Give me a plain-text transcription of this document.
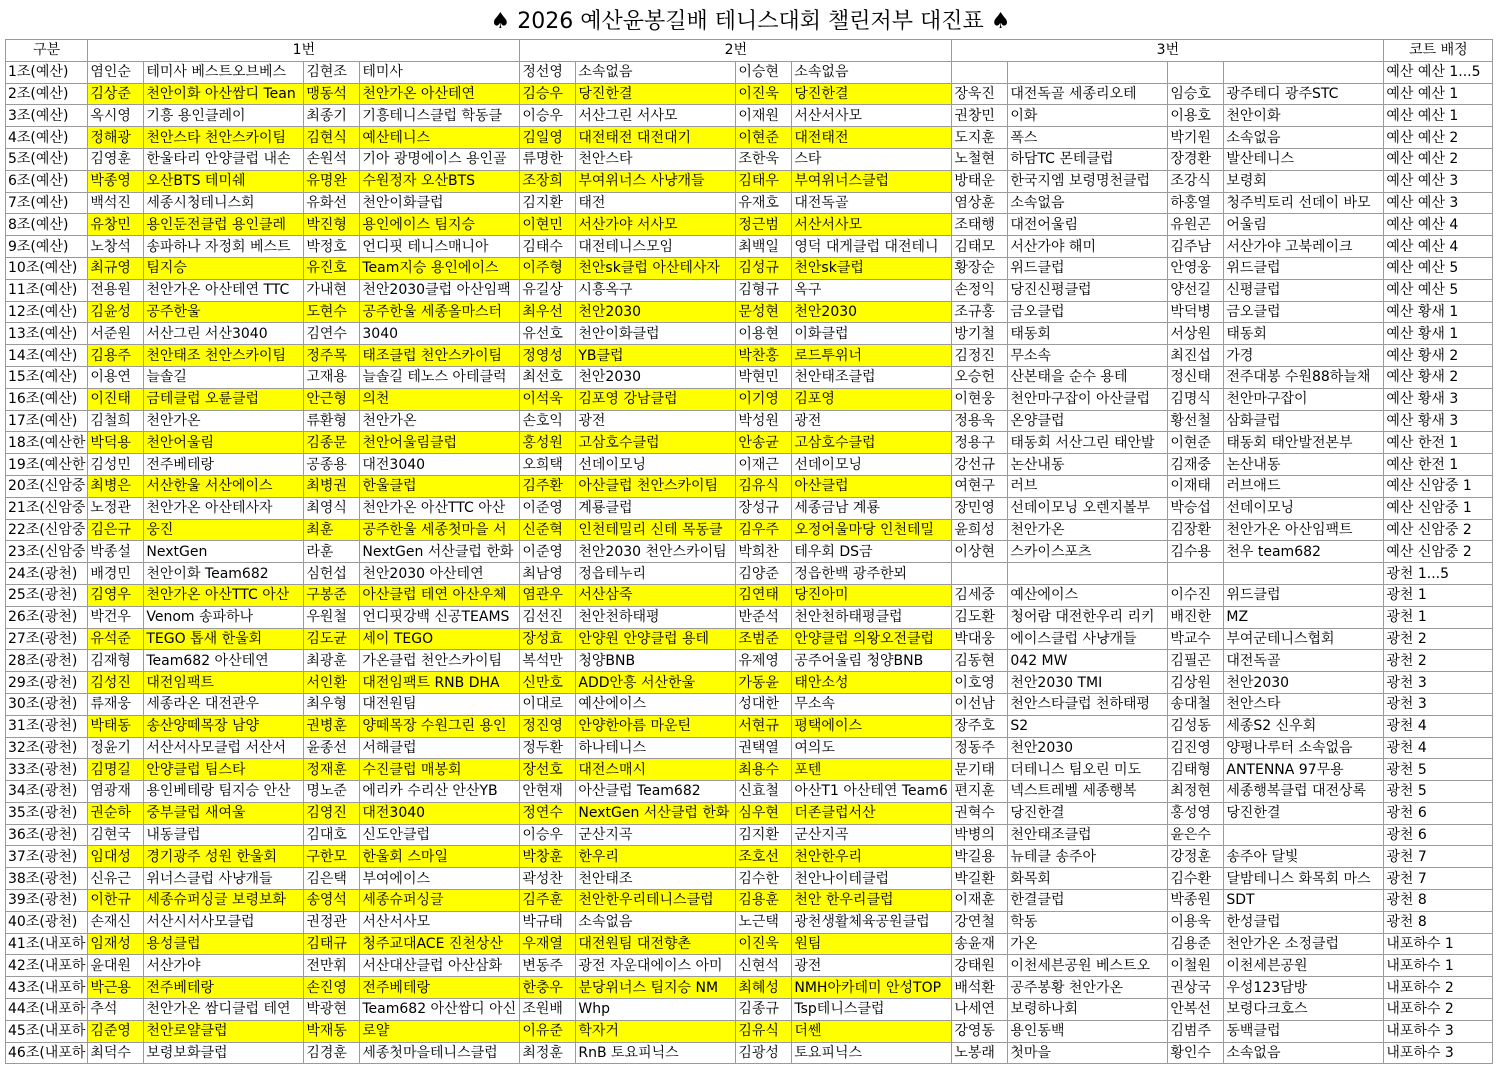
♠ 2026 예산윤봉길배 테니스대회 챌린저부 대진표 ♠
구분	1번				2번				3번				코트 배정
1조(예산)	염인순	테미사 베스트오브베스	김현조	테미사	정선영	소속없음	이승현	소속없음					예산 예산 1...5
2조(예산)	김상준	천안이화 아산쌈디 Tean	맹동석	천안가온 아산테연	김승우	당진한결	이진욱	당진한결	장욱진	대전독골 세종리오테	임승호	광주테디 광주STC	예산 예산 1
3조(예산)	옥시영	기흥 용인클레이	최종기	기흥테니스클럽 학동클	이승우	서산그린 서사모	이재원	서산서사모	권창민	이화	이용호	천안이화	예산 예산 1
4조(예산)	정해광	천안스타 천안스카이팀	김현식	예산테니스	김일영	대전태전 대전대기	이현준	대전태전	도지훈	폭스	박기원	소속없음	예산 예산 2
5조(예산)	김영훈	한울타리 안양클럽 내손	손원석	기아 광명에이스 용인골	류명한	천안스타	조한욱	스타	노철현	하담TC 몬테클럽	장경환	발산테니스	예산 예산 2
6조(예산)	박종영	오산BTS 테미쉐	유명완	수원정자 오산BTS	조장희	부여위너스 사냥개들	김태우	부여위너스클럽	방태운	한국지엠 보령명천클럽	조강식	보령회	예산 예산 3
7조(예산)	백석진	세종시청테니스회	유화선	천안이화클럽	김지환	태전	유재호	대전독골	염상훈	소속없음	하홍열	청주빅토리 선데이 바모	예산 예산 3
8조(예산)	유창민	용인둔전클럽 용인클레	박진형	용인에이스 팀지승	이현민	서산가야 서사모	정근범	서산서사모	조태행	대전어울림	유원곤	어울림	예산 예산 4
9조(예산)	노창석	송파하나 자정회 베스트	박정호	언디핏 테니스매니아	김태수	대전테니스모임	최백일	영덕 대게클럽 대전테니	김태모	서산가야 해미	김주남	서산가야 고북레이크	예산 예산 4
10조(예산)	최규영	팀지승	유진호	Team지승 용인에이스	이주형	천안sk클럽 아산테사자	김성규	천안sk클럽	황장순	위드클럽	안영웅	위드클럽	예산 예산 5
11조(예산)	전용원	천안가온 아산테연 TTC	가내현	천안2030클럽 아산임팩	유길상	시흥옥구	김형규	옥구	손정익	당진신평클럽	양선길	신평클럽	예산 예산 5
12조(예산)	김윤성	공주한울	도현수	공주한울 세종올마스터	최우선	천안2030	문성현	천안2030	조규홍	금오클럽	박덕병	금오클럽	예산 황새 1
13조(예산)	서준원	서산그린 서산3040	김연수	3040	유선호	천안이화클럽	이용현	이화클럽	방기철	태동회	서상원	태동회	예산 황새 1
14조(예산)	김용주	천안태조 천안스카이팀	정주목	태조클럽 천안스카이팀	정영성	YB클럽	박찬홍	로드투위너	김정진	무소속	최진섭	가경	예산 황새 2
15조(예산)	이용연	늘솔길	고재용	늘솔길 테노스 아테클럭	최선호	천안2030	박현민	천안태조클럽	오승헌	산본태을 순수 용테	정신태	전주대봉 수원88하늘채	예산 황새 2
16조(예산)	이진태	금테클럽 오륜클럽	안근형	의천	이석욱	김포영 강남클럽	이기영	김포영	이현웅	천안마구잡이 아산클럽	김명식	천안마구잡이	예산 황새 3
17조(예산)	김철희	천안가온	류환형	천안가온	손호익	광전	박성원	광전	정용욱	온양클럽	황선철	삼화클럽	예산 황새 3
18조(예산한	박덕용	천안어울림	김종문	천안어울림클럽	홍성원	고삼호수클럽	안송균	고삼호수클럽	정용구	태동회 서산그린 태안발	이현준	태동회 태안발전본부	예산 한전 1
19조(예산한	김성민	전주베테랑	공종용	대전3040	오희택	선데이모닝	이재근	선데이모닝	강선규	논산내동	김재중	논산내동	예산 한전 1
20조(신암중	최병은	서산한울 서산에이스	최병권	한울클럽	김주환	아산클럽 천안스카이팀	김유식	아산클럽	여현구	러브	이재태	러브애드	예산 신암중 1
21조(신암중	노정관	천안가온 아산테사자	최영식	천안가온 아산TTC 아산	이준영	계룡클럽	장성규	세종금남 계룡	장민영	선데이모닝 오렌지볼부	박승섭	선데이모닝	예산 신암중 1
22조(신암중	김은규	웅진	최훈	공주한울 세종첫마을 서	신준혁	인천테밀리 신테 목동클	김우주	오정어울마당 인천테밀	윤희성	천안가온	김장환	천안가온 아산임팩트	예산 신암중 2
23조(신암중	박종설	NextGen	라훈	NextGen 서산클럽 한화	이준영	천안2030 천안스카이팀	박희찬	테우회 DS금	이상현	스카이스포츠	김수용	천우 team682	예산 신암중 2
24조(광천)	배경민	천안이화 Team682	심헌섭	천안2030 아산테연	최남영	정읍테누리	김양준	정읍한백 광주한뫼					광천 1...5
25조(광천)	김영우	천안가온 아산TTC 아산	구봉준	아산클럽 테연 아산우체	염관우	서산삼죽	김연태	당진아미	김세중	예산에이스	이수진	위드클럽	광천 1
26조(광천)	박건우	Venom 송파하나	우원철	언디핏강백 신공TEAMS	김선진	천안천하태평	반준석	천안천하태평클럽	김도환	청어람 대전한우리 리키	배진한	MZ	광천 1
27조(광천)	유석준	TEGO 톱새 한울회	김도균	세이 TEGO	장성효	안양원 안양클럽 용테	조범준	안양클럽 의왕오전클럽	박대웅	에이스클럽 사냥개들	박교수	부여군테니스협회	광천 2
28조(광천)	김재형	Team682 아산테연	최광훈	가온클럽 천안스카이팀	복석만	청양BNB	유제영	공주어울림 청양BNB	김동현	042 MW	김필곤	대전독골	광천 2
29조(광천)	김성진	대전임팩트	서인환	대전임팩트 RNB DHA	신만호	ADD안흥 서산한울	가동윤	태안소성	이호영	천안2030 TMI	김상원	천안2030	광천 3
30조(광천)	류재웅	세종라온 대전관우	최우형	대전원팀	이대로	예산에이스	성대한	무소속	이선남	천안스타클럽 천하태평	송대철	천안스타	광천 3
31조(광천)	박태동	송산양떼목장 남양	권병훈	양떼목장 수원그린 용인	정진영	안양한아름 마운틴	서현규	평택에이스	장주호	S2	김성동	세종S2 신우회	광천 4
32조(광천)	정윤기	서산서사모클럽 서산서	윤종선	서해클럽	정두환	하나테니스	권택열	여의도	정동주	천안2030	김진영	양평나루터 소속없음	광천 4
33조(광천)	김명길	안양클럽 팀스타	정재훈	수진클럽 매봉회	장선호	대전스매시	최용수	포텐	문기태	더테니스 팀오린 미도	김태형	ANTENNA 97무용	광천 5
34조(광천)	염광재	용인베테랑 팀지승 안산	명노준	에리카 수리산 안산YB	안현재	아산클럽 Team682	신효철	아산T1 아산테연 Team6	편지훈	넥스트레벨 세종행복	최정현	세종행복클럽 대전상록	광천 5
35조(광천)	권순하	중부클럽 새여울	김영진	대전3040	정연수	NextGen 서산클럽 한화	심우현	더존클럽서산	권혁수	당진한결	홍성영	당진한결	광천 6
36조(광천)	김현국	내동클럽	김대호	신도안클럽	이승우	군산지곡	김지환	군산지곡	박병의	천안태조클럽	윤은수		광천 6
37조(광천)	임대성	경기광주 성원 한울회	구한모	한울회 스마일	박창훈	한우리	조호선	천안한우리	박길용	뉴테클 송주아	강정훈	송주아 달빛	광천 7
38조(광천)	신유근	위너스클럽 사냥개들	김은택	부여에이스	곽성찬	천안태조	김수한	천안나이테클럽	박길환	화목회	김수환	달밤테니스 화목회 마스	광천 7
39조(광천)	이한규	세종슈퍼싱글 보령보화	송영석	세종슈퍼싱글	김주훈	천안한우리테니스클럽	김용훈	천안 한우리클럽	이재훈	한결클럽	박종원	SDT	광천 8
40조(광천)	손재신	서산시서사모클럽	권정관	서산서사모	박규태	소속없음	노근택	광천생활체육공원클럽	강연철	학동	이용욱	한성클럽	광천 8
41조(내포하	임재성	용성클럽	김태규	청주교대ACE 진천상산	우재열	대전원팀 대전향촌	이진욱	원팀	송윤재	가온	김용준	천안가온 소정클럽	내포하수 1
42조(내포하	윤대원	서산가야	전만휘	서산대산클럽 아산삼화	변동주	광전 자운대에이스 아미	신현석	광전	강태원	이천세븐공원 베스트오	이철원	이천세븐공원	내포하수 1
43조(내포하	박근용	전주베테랑	손진영	전주베테랑	한충우	분당위너스 팀지승 NM	최혜성	NMH아카데미 안성TOP	배석환	공주봉황 천안가온	권상국	우성123담방	내포하수 2
44조(내포하	추석	천안가온 쌈디클럽 테연	박광현	Team682 아산쌈디 아신	조원배	Whp	김종규	Tsp테니스클럽	나세연	보령하나회	안복선	보령다크호스	내포하수 2
45조(내포하	김준영	천안로얄클럽	박재동	로얄	이유준	학자거	김유식	더쎈	강영동	용인동백	김범주	동백클럽	내포하수 3
46조(내포하	최덕수	보령보화클럽	김경훈	세종첫마을테니스클럽	최정훈	RnB 토요피닉스	김광성	토요피닉스	노봉래	첫마을	황인수	소속없음	내포하수 3
